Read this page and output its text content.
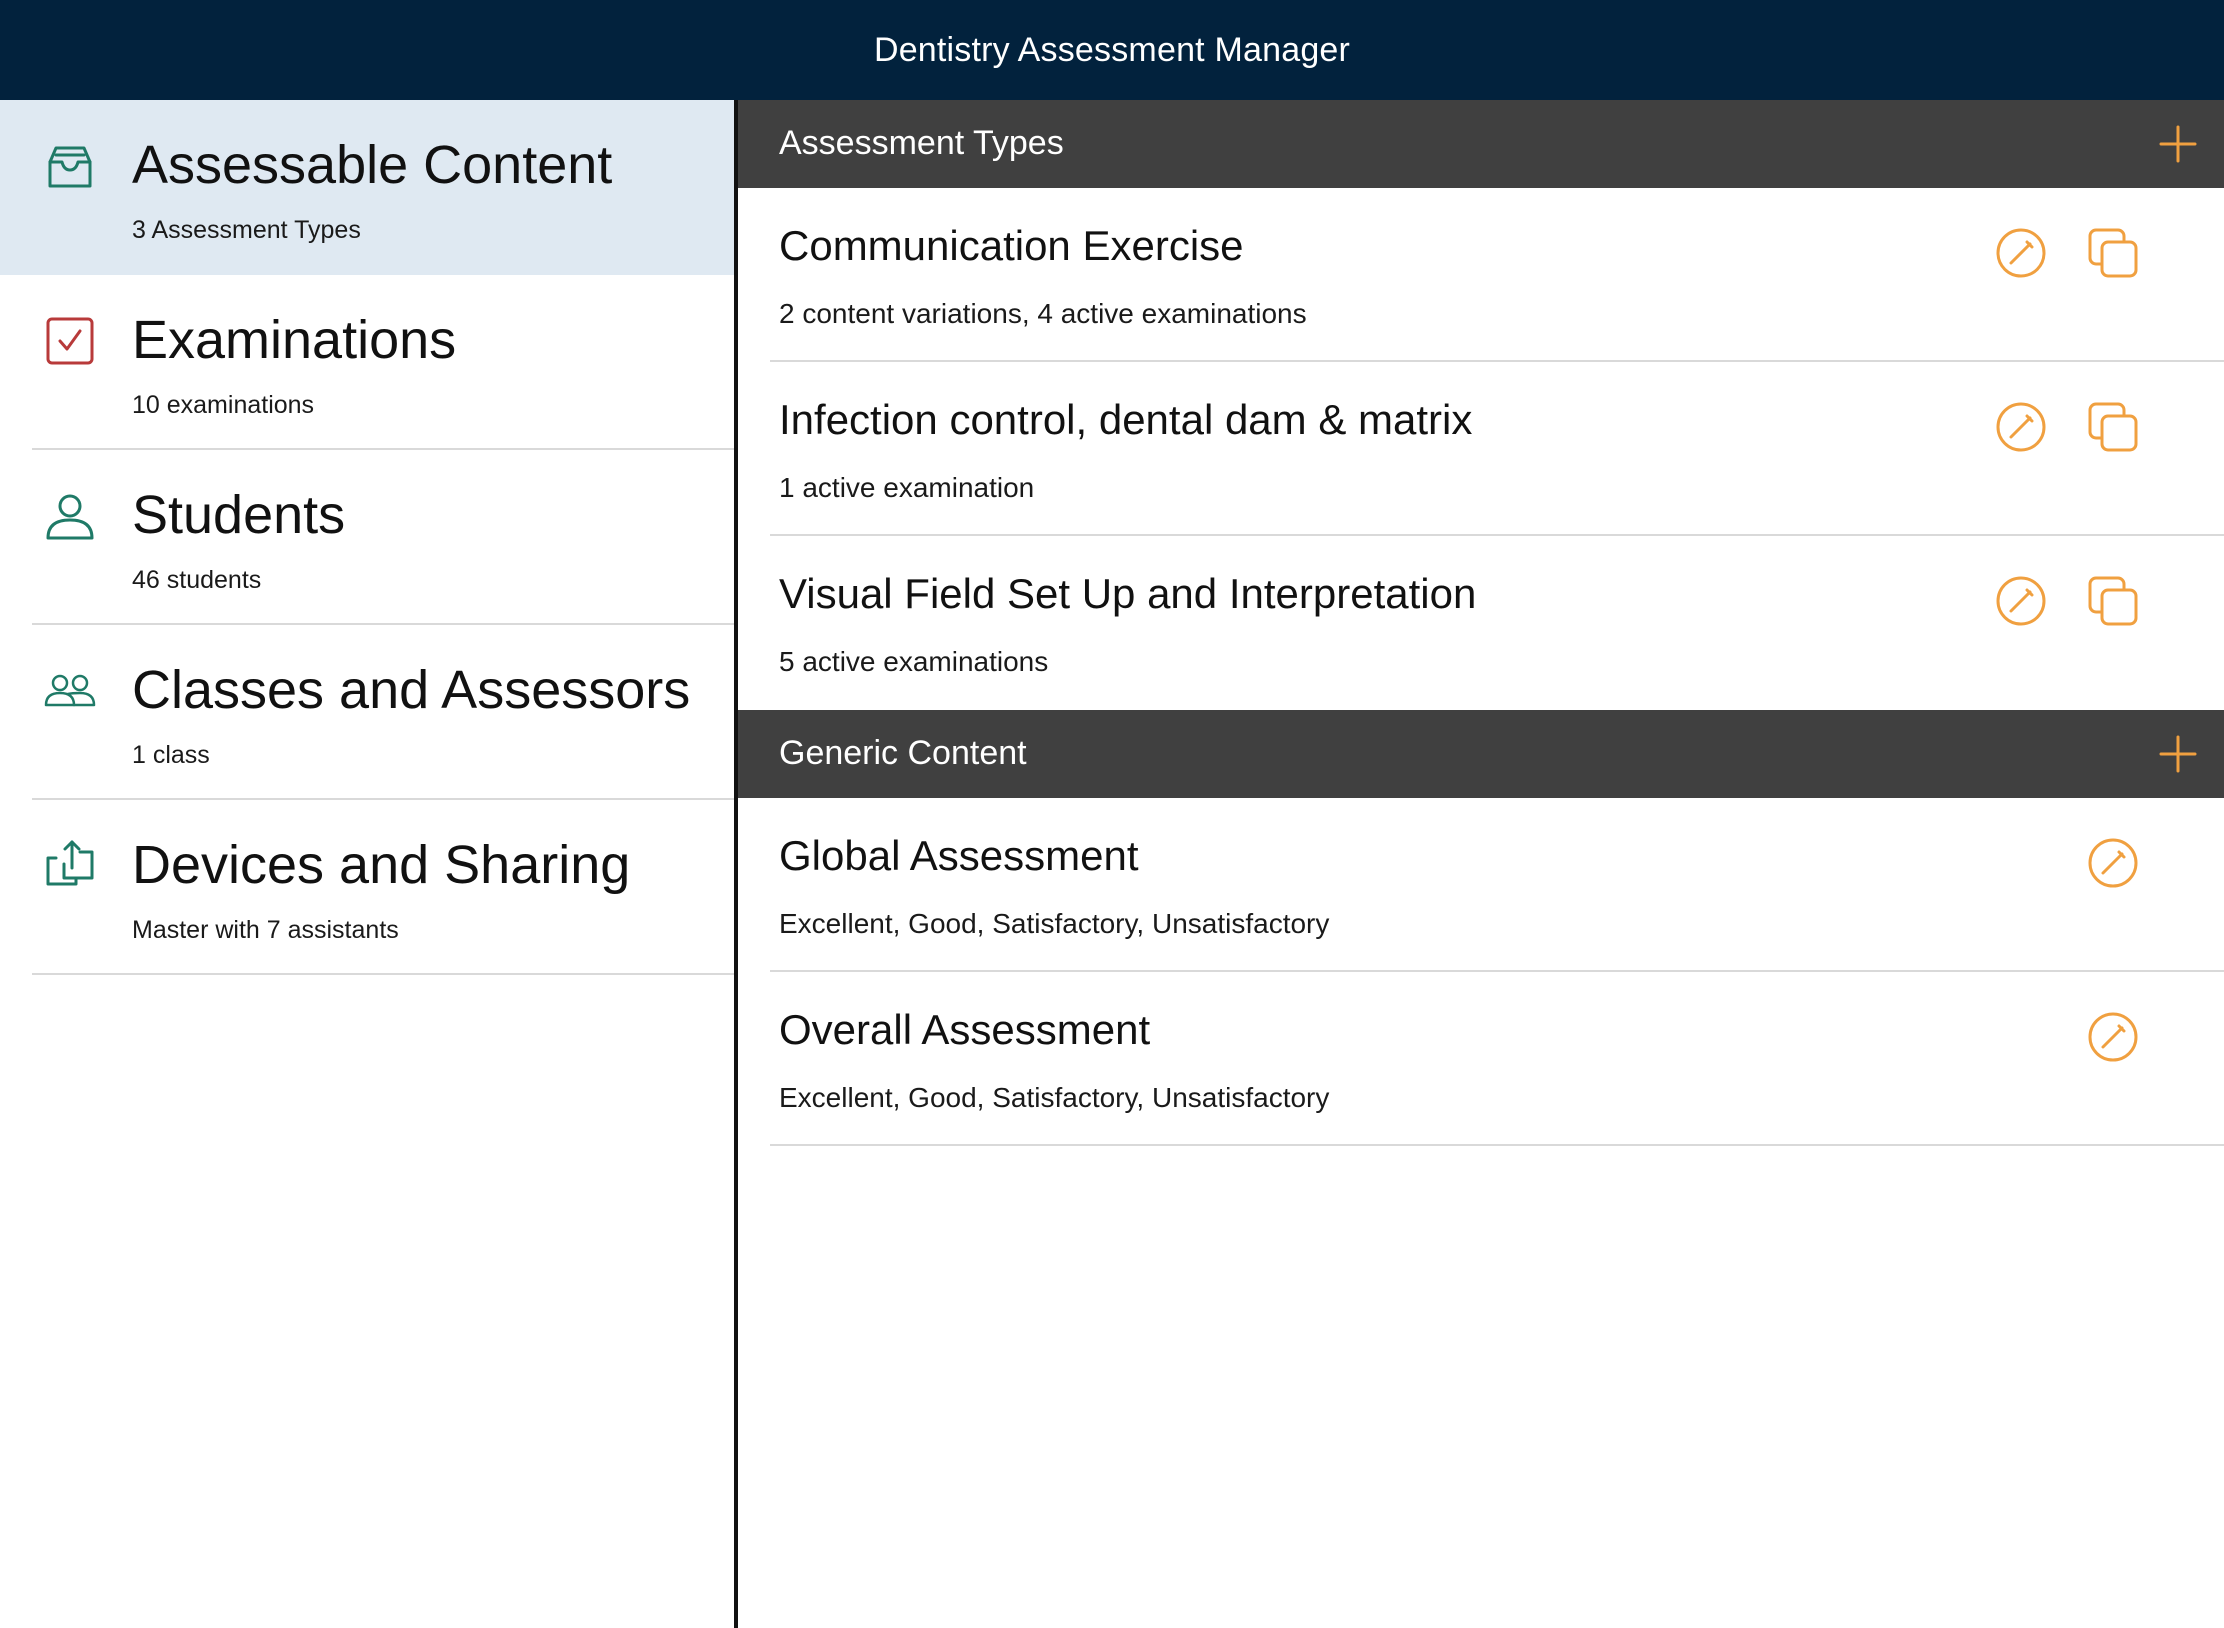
Dentistry Assessment Manager
Assessable Content
3 Assessment Types
Examinations
10 examinations
Students
46 students
Classes and Assessors
1 class
Devices and Sharing
Master with 7 assistants
Assessment Types
Communication Exercise
2 content variations, 4 active examinations
Infection control, dental dam & matrix
1 active examination
Visual Field Set Up and Interpretation
5 active examinations
Generic Content
Global Assessment
Excellent, Good, Satisfactory, Unsatisfactory
Overall Assessment
Excellent, Good, Satisfactory, Unsatisfactory
